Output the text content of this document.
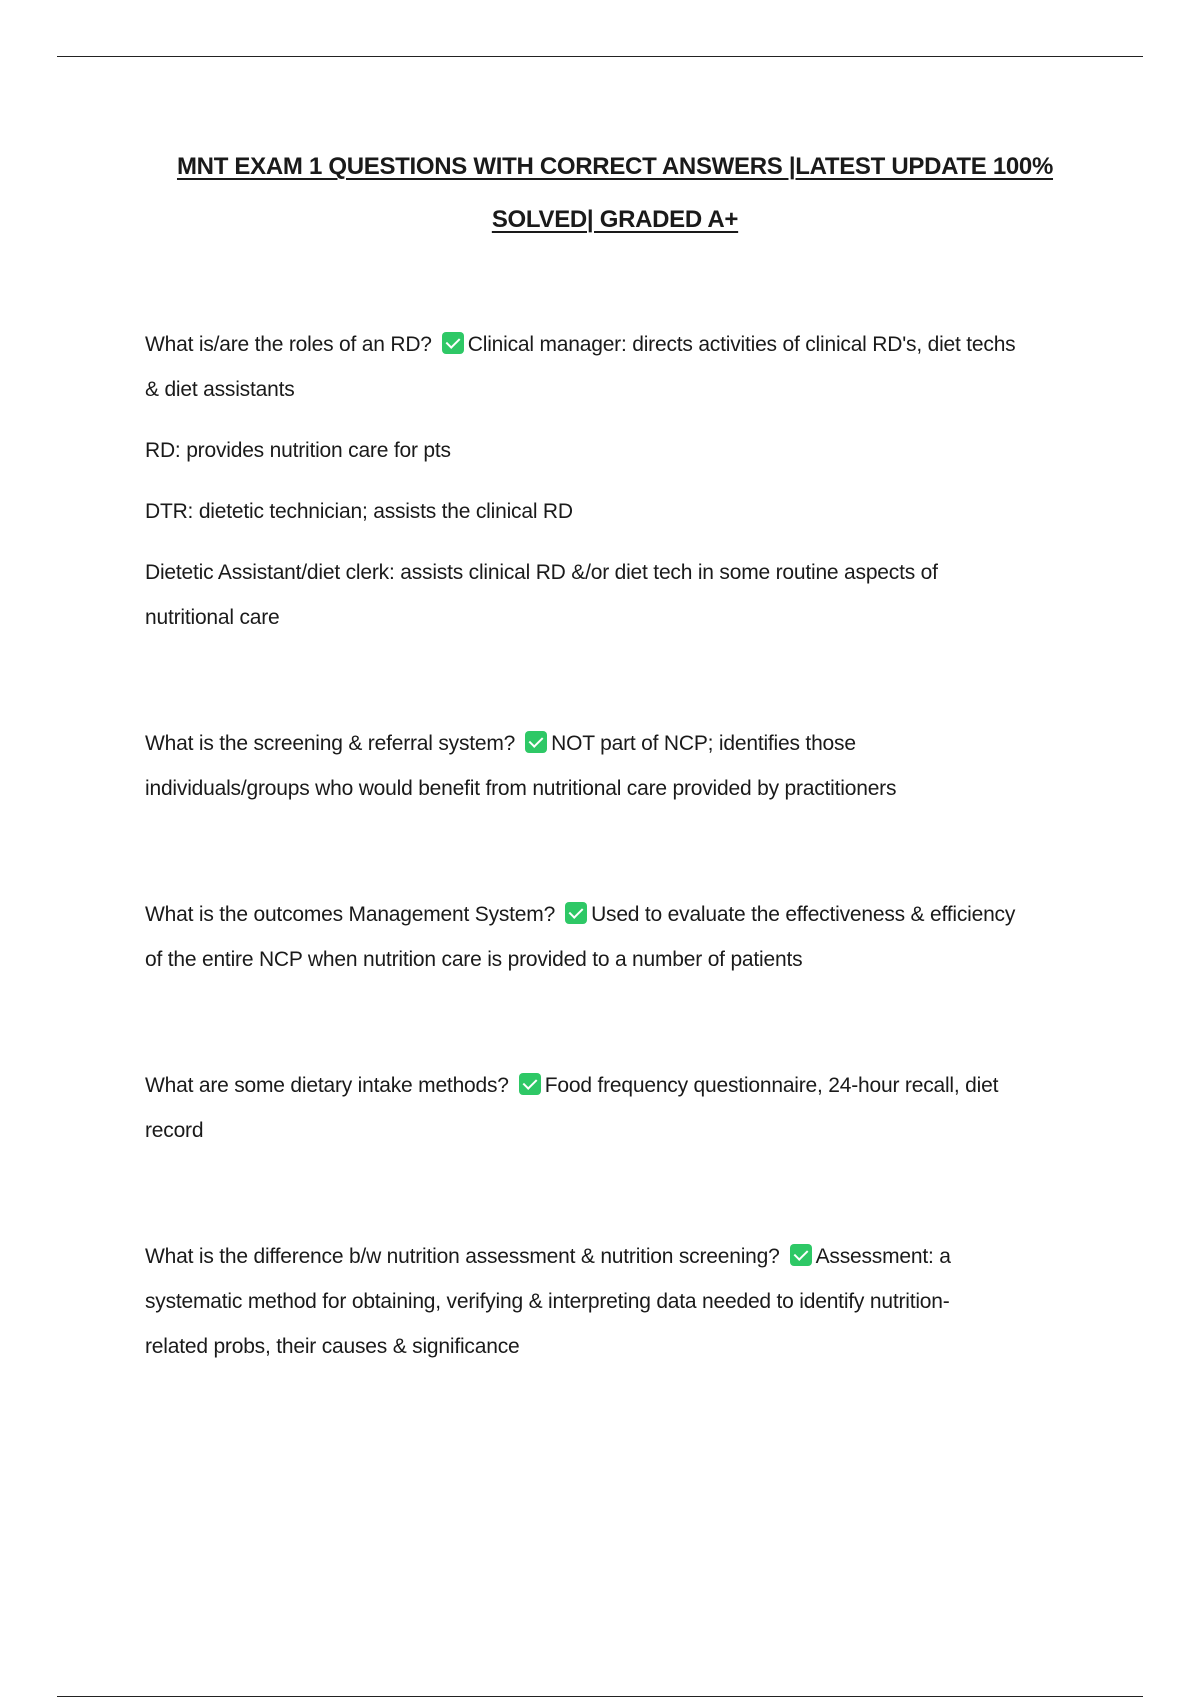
MNT EXAM 1 QUESTIONS WITH CORRECT ANSWERS |LATEST UPDATE 100%
SOLVED| GRADED A+

What is/are the roles of an RD? Clinical manager: directs activities of clinical RD's, diet techs

& diet assistants

RD: provides nutrition care for pts

DTR: dietetic technician; assists the clinical RD

Dietetic Assistant/diet clerk: assists clinical RD &/or diet tech in some routine aspects of

nutritional care

What is the screening & referral system? NOT part of NCP; identifies those

individuals/groups who would benefit from nutritional care provided by practitioners

What is the outcomes Management System? Used to evaluate the effectiveness & efficiency

of the entire NCP when nutrition care is provided to a number of patients

What are some dietary intake methods? Food frequency questionnaire, 24-hour recall, diet

record

What is the difference b/w nutrition assessment & nutrition screening? Assessment: a

systematic method for obtaining, verifying & interpreting data needed to identify nutrition-

related probs, their causes & significance
